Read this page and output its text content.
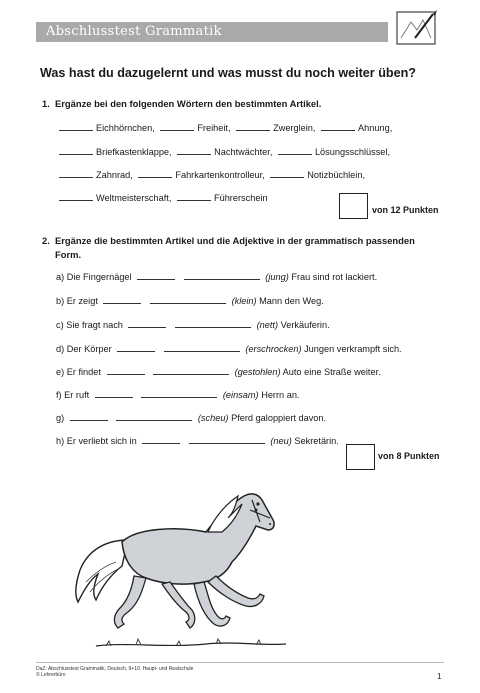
Abschlusstest Grammatik
Was hast du dazugelernt und was musst du noch weiter üben?
1. Ergänze bei den folgenden Wörtern den bestimmten Artikel.
Eichhörnchen,	Freiheit,	Zwerglein,	Ahnung,
Briefkastenklappe,	Nachtwächter,	Lösungsschlüssel,
Zahnrad,	Fahrkartenkontrolleur,	Notizbüchlein,
Weltmeisterschaft,	Führerschein
von 12 Punkten
2. Ergänze die bestimmten Artikel und die Adjektive in der grammatisch passenden
Form.
a) Die Fingernägel	(jung) Frau sind rot lackiert.
b) Er zeigt	(klein) Mann den Weg.
c) Sie fragt nach	(nett) Verkäuferin.
d) Der Körper	(erschrocken) Jungen verkrampft sich.
e) Er findet	(gestohlen) Auto eine Straße weiter.
f) Er ruft	(einsam) Herrn an.
g)	(scheu) Pferd galoppiert davon.
h) Er verliebt sich in	(neu) Sekretärin.
von 8 Punkten
DaZ: Abschlusstest Grammatik, Deutsch, 9+10. Haupt- und Realschule
© Lehrerbüro	1
